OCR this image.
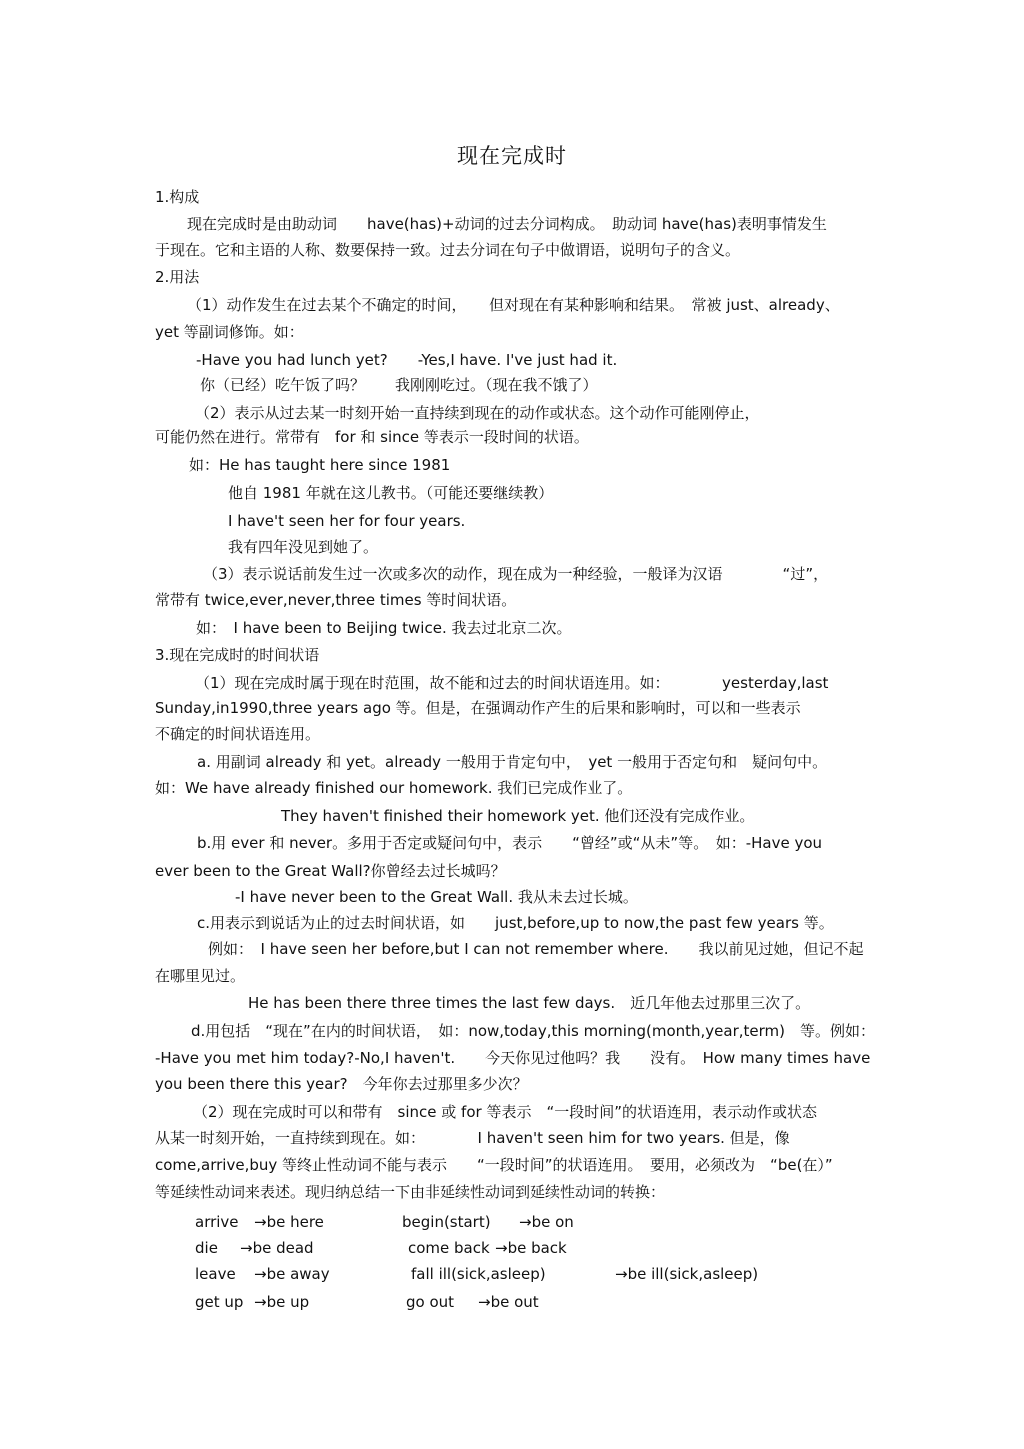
现在完成时
1.构成
现在完成时是由助动词　　have(has)+动词的过去分词构成。　助动词 have(has)表明事情发生
于现在。它和主语的人称、数要保持一致。过去分词在句子中做谓语，说明句子的含义。
2.用法
（1）动作发生在过去某个不确定的时间，　　但对现在有某种影响和结果。　常被 just、already、
yet 等副词修饰。如：
-Have you had lunch yet?　　-Yes,I have. I've just had it.
你（已经）吃午饭了吗？　　我刚刚吃过。（现在我不饿了）
（2）表示从过去某一时刻开始一直持续到现在的动作或状态。这个动作可能刚停止，
可能仍然在进行。常带有　for 和 since 等表示一段时间的状语。
如：He has taught here since 1981
他自 1981 年就在这儿教书。（可能还要继续教）
I have't seen her for four years.
我有四年没见到她了。
（3）表示说话前发生过一次或多次的动作，现在成为一种经验，一般译为汉语　　　　“过”，
常带有 twice,ever,never,three times 等时间状语。
如：　I have been to Beijing twice. 我去过北京二次。
3.现在完成时的时间状语
（1）现在完成时属于现在时范围，故不能和过去的时间状语连用。如：　　　　yesterday,last
Sunday,in1990,three years ago 等。但是，在强调动作产生的后果和影响时，可以和一些表示
不确定的时间状语连用。
a. 用副词 already 和 yet。already 一般用于肯定句中，　yet 一般用于否定句和　疑问句中。
如：We have already finished our homework. 我们已完成作业了。
They haven't finished their homework yet. 他们还没有完成作业。
b.用 ever 和 never。多用于否定或疑问句中，表示　　“曾经”或“从未”等。　如：-Have you
ever been to the Great Wall?你曾经去过长城吗？
-I have never been to the Great Wall. 我从未去过长城。
c.用表示到说话为止的过去时间状语，如　　just,before,up to now,the past few years 等。
例如：　I have seen her before,but I can not remember where.　　我以前见过她，但记不起
在哪里见过。
He has been there three times the last few days.　近几年他去过那里三次了。
d.用包括　“现在”在内的时间状语，　如：now,today,this morning(month,year,term)　等。例如：
-Have you met him today?-No,I haven't.　　今天你见过他吗？我　　没有。　How many times have
you been there this year?　今年你去过那里多少次？
（2）现在完成时可以和带有　since 或 for 等表示　“一段时间”的状语连用，表示动作或状态
从某一时刻开始，一直持续到现在。如：　　　　I haven't seen him for two years. 但是，像
come,arrive,buy 等终止性动词不能与表示　　“一段时间”的状语连用。　要用，必须改为　“be(在）”
等延续性动词来表述。现归纳总结一下由非延续性动词到延续性动词的转换：
arrive →be here	begin(start) →be on
die →be dead	come back →be back
leave →be away	fall ill(sick,asleep)	→be ill(sick,asleep)
get up →be up	go out →be out
